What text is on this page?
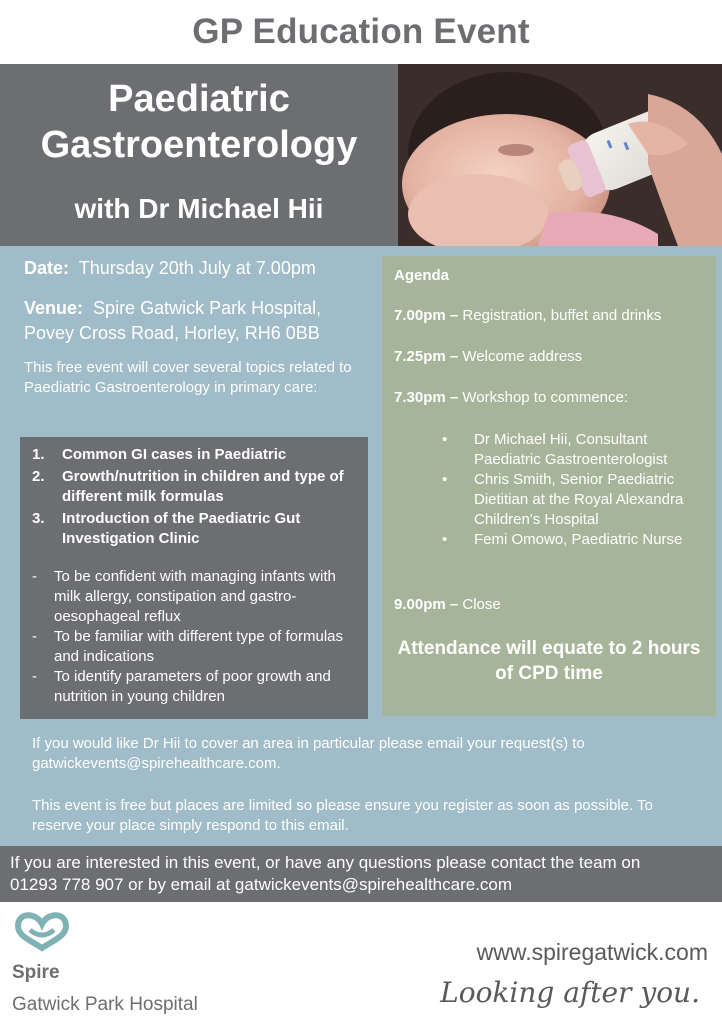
GP Education Event
Paediatric
Gastroenterology
with Dr Michael Hii
Date: Thursday 20th July at 7.00pm
Venue: Spire Gatwick Park Hospital,
Povey Cross Road, Horley, RH6 0BB
This free event will cover several topics related to Paediatric Gastroenterology in primary care:
1.	Common GI cases in Paediatric
2.	Growth/nutrition in children and type of different milk formulas
3.	Introduction of the Paediatric Gut Investigation Clinic
-	To be confident with managing infants with milk allergy, constipation and gastro-oesophageal reflux
-	To be familiar with different type of formulas and indications
-	To identify parameters of poor growth and nutrition in young children
Agenda
7.00pm – Registration, buffet and drinks
7.25pm – Welcome address
7.30pm – Workshop to commence:
•	Dr Michael Hii, Consultant Paediatric Gastroenterologist
•	Chris Smith, Senior Paediatric Dietitian at the Royal Alexandra Children's Hospital
•	Femi Omowo, Paediatric Nurse
9.00pm – Close
Attendance will equate to 2 hours
of CPD time
If you would like Dr Hii to cover an area in particular please email your request(s) to gatwickevents@spirehealthcare.com.
This event is free but places are limited so please ensure you register as soon as possible. To reserve your place simply respond to this email.
If you are interested in this event, or have any questions please contact the team on
01293 778 907 or by email at gatwickevents@spirehealthcare.com
Spire
Gatwick Park Hospital
www.spiregatwick.com
Looking after you.
